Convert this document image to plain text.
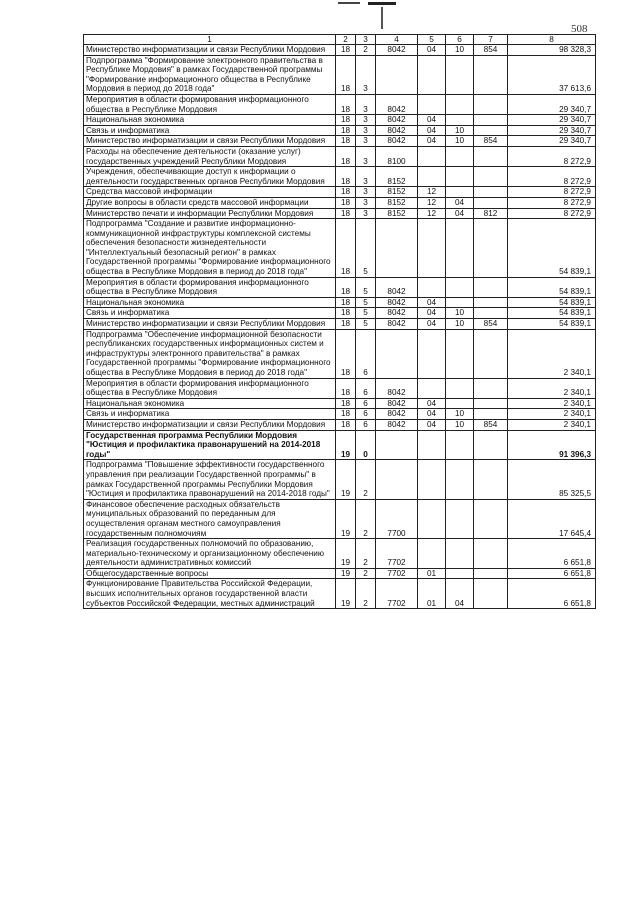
508
1	2	3	4	5	6	7	8
Министерство информатизации и связи Республики Мордовия	18	2	8042	04	10	854	98 328,3
Подпрограмма "Формирование электронного правительства в Республике Мордовия" в рамках Государственной программы "Формирование информационного общества в Республике Мордовия в период до 2018 года"	18	3					37 613,6
Мероприятия в области формирования информационного общества в Республике Мордовия	18	3	8042				29 340,7
Национальная экономика	18	3	8042	04			29 340,7
Связь и информатика	18	3	8042	04	10		29 340,7
Министерство информатизации и связи Республики Мордовия	18	3	8042	04	10	854	29 340,7
Расходы на обеспечение деятельности (оказание услуг) государственных учреждений Республики Мордовия	18	3	8100				8 272,9
Учреждения, обеспечивающие доступ к информации о деятельности государственных органов Республики Мордовия	18	3	8152				8 272,9
Средства массовой информации	18	3	8152	12			8 272,9
Другие вопросы в области средств массовой информации	18	3	8152	12	04		8 272,9
Министерство печати и информации Республики Мордовия	18	3	8152	12	04	812	8 272,9
Подпрограмма "Создание и развитие информационно-коммуникационной инфраструктуры комплексной системы обеспечения безопасности жизнедеятельности "Интеллектуальный безопасный регион" в рамках Государственной программы "Формирование информационного общества в Республике Мордовия в период до 2018 года"	18	5					54 839,1
Мероприятия в области формирования информационного общества в Республике Мордовия	18	5	8042				54 839,1
Национальная экономика	18	5	8042	04			54 839,1
Связь и информатика	18	5	8042	04	10		54 839,1
Министерство информатизации и связи Республики Мордовия	18	5	8042	04	10	854	54 839,1
Подпрограмма "Обеспечение информационной безопасности республиканских государственных информационных систем и инфраструктуры электронного правительства" в рамках Государственной программы "Формирование информационного общества в Республике Мордовия в период до 2018 года"	18	6					2 340,1
Мероприятия в области формирования информационного общества в Республике Мордовия	18	6	8042				2 340,1
Национальная экономика	18	6	8042	04			2 340,1
Связь и информатика	18	6	8042	04	10		2 340,1
Министерство информатизации и связи Республики Мордовия	18	6	8042	04	10	854	2 340,1
Государственная программа Республики Мордовия "Юстиция и профилактика правонарушений на 2014-2018 годы"	19	0					91 396,3
Подпрограмма "Повышение эффективности государственного управления при реализации Государственной программы" в рамках Государственной программы Республики Мордовия "Юстиция и профилактика правонарушений на 2014-2018 годы"	19	2					85 325,5
Финансовое обеспечение расходных обязательств муниципальных образований по переданным для осуществления органам местного самоуправления государственным полномочиям	19	2	7700				17 645,4
Реализация государственных полномочий по образованию, материально-техническому и организационному обеспечению деятельности административных комиссий	19	2	7702				6 651,8
Общегосударственные вопросы	19	2	7702	01			6 651,8
Функционирование Правительства Российской Федерации, высших исполнительных органов государственной власти субъектов Российской Федерации, местных администраций	19	2	7702	01	04		6 651,8
